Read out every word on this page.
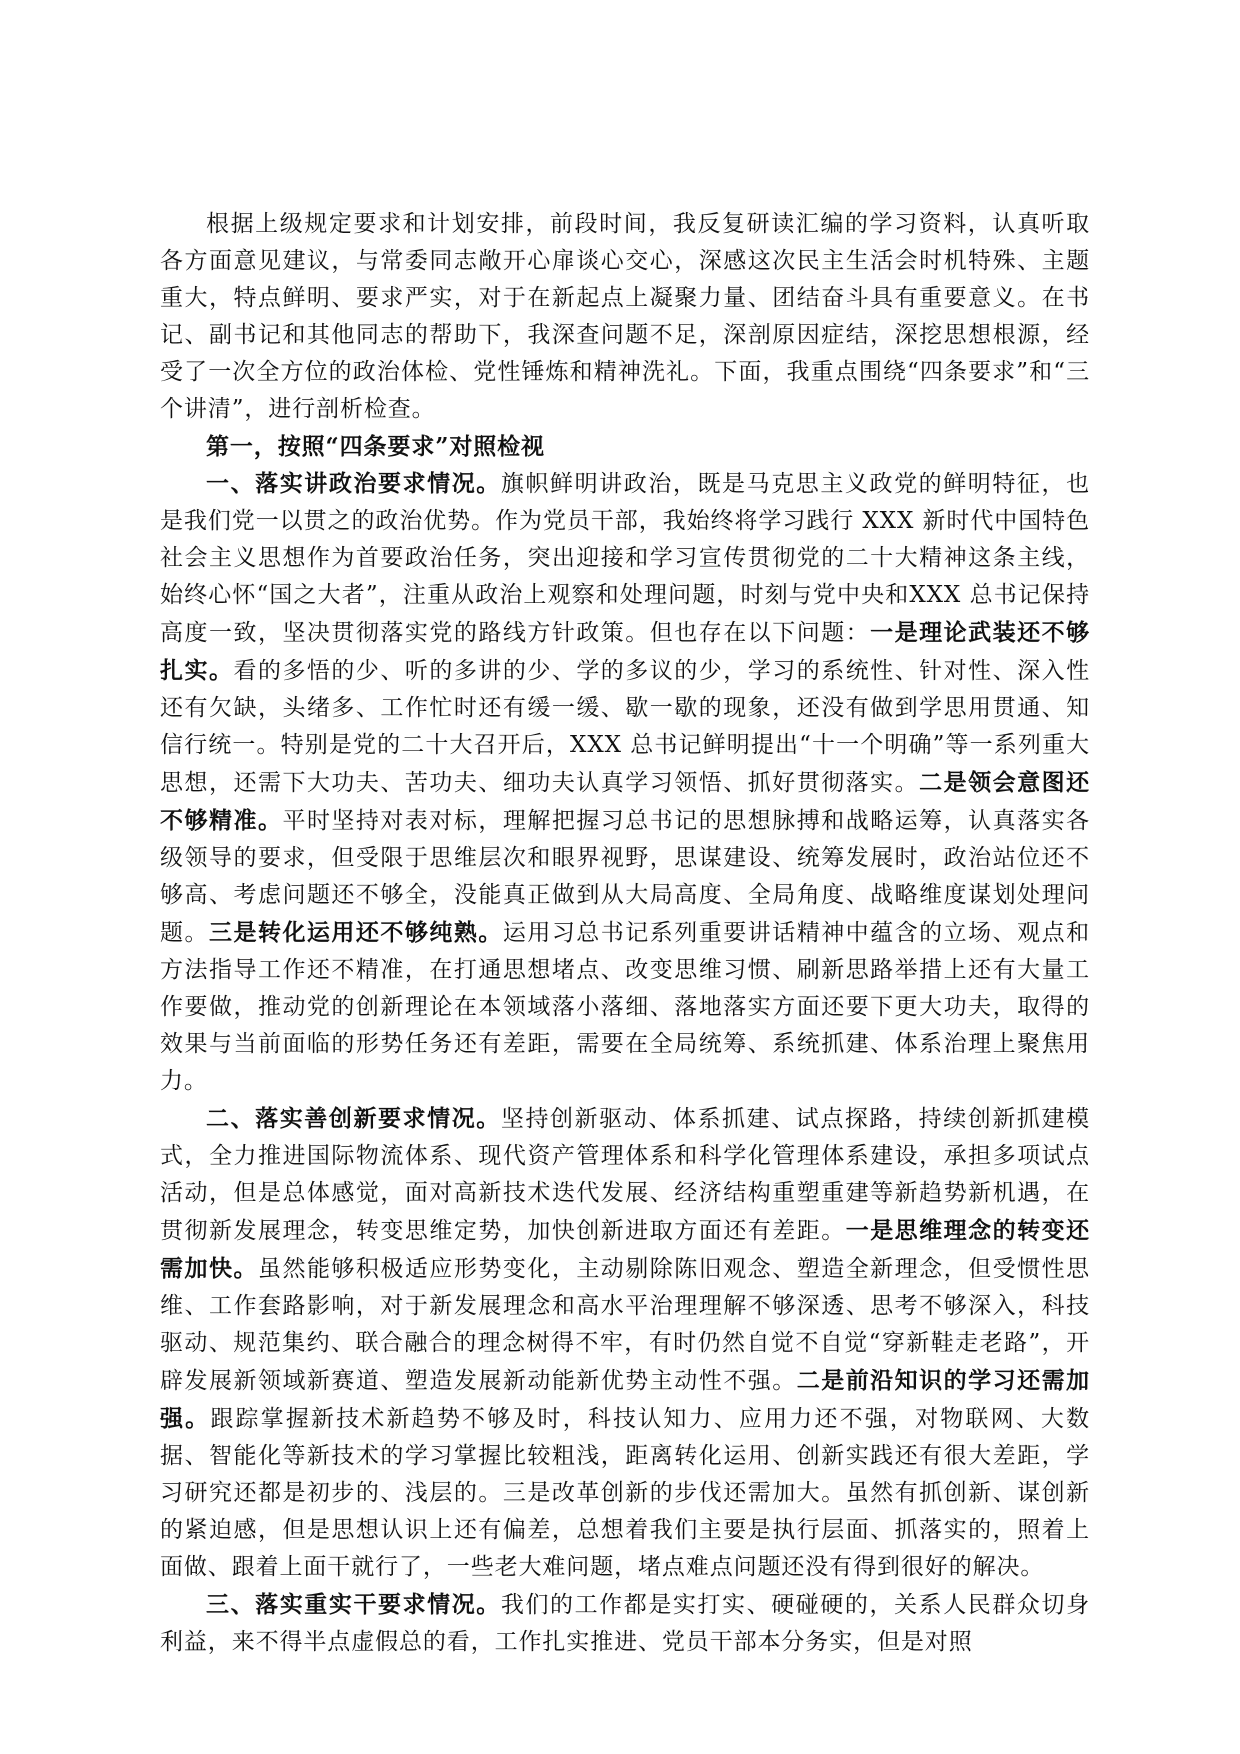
根据上级规定要求和计划安排，前段时间，我反复研读汇编的学习资料，认真听取各方面意见建议，与常委同志敞开心扉谈心交心，深感这次民主生活会时机特殊、主题重大，特点鲜明、要求严实，对于在新起点上凝聚力量、团结奋斗具有重要意义。在书记、副书记和其他同志的帮助下，我深查问题不足，深剖原因症结，深挖思想根源，经受了一次全方位的政治体检、党性锤炼和精神洗礼。下面，我重点围绕“四条要求”和“三个讲清”，进行剖析检查。

第一，按照“四条要求”对照检视

一、落实讲政治要求情况。旗帜鲜明讲政治，既是马克思主义政党的鲜明特征，也是我们党一以贯之的政治优势。作为党员干部，我始终将学习践行 XXX 新时代中国特色社会主义思想作为首要政治任务，突出迎接和学习宣传贯彻党的二十大精神这条主线，始终心怀“国之大者”，注重从政治上观察和处理问题，时刻与党中央和XXX 总书记保持高度一致，坚决贯彻落实党的路线方针政策。但也存在以下问题：一是理论武装还不够扎实。看的多悟的少、听的多讲的少、学的多议的少，学习的系统性、针对性、深入性还有欠缺，头绪多、工作忙时还有缓一缓、歇一歇的现象，还没有做到学思用贯通、知信行统一。特别是党的二十大召开后，XXX 总书记鲜明提出“十一个明确”等一系列重大思想，还需下大功夫、苦功夫、细功夫认真学习领悟、抓好贯彻落实。二是领会意图还不够精准。平时坚持对表对标，理解把握习总书记的思想脉搏和战略运筹，认真落实各级领导的要求，但受限于思维层次和眼界视野，思谋建设、统筹发展时，政治站位还不够高、考虑问题还不够全，没能真正做到从大局高度、全局角度、战略维度谋划处理问题。三是转化运用还不够纯熟。运用习总书记系列重要讲话精神中蕴含的立场、观点和方法指导工作还不精准，在打通思想堵点、改变思维习惯、刷新思路举措上还有大量工作要做，推动党的创新理论在本领域落小落细、落地落实方面还要下更大功夫，取得的效果与当前面临的形势任务还有差距，需要在全局统筹、系统抓建、体系治理上聚焦用力。

二、落实善创新要求情况。坚持创新驱动、体系抓建、试点探路，持续创新抓建模式，全力推进国际物流体系、现代资产管理体系和科学化管理体系建设，承担多项试点活动，但是总体感觉，面对高新技术迭代发展、经济结构重塑重建等新趋势新机遇，在贯彻新发展理念，转变思维定势，加快创新进取方面还有差距。一是思维理念的转变还需加快。虽然能够积极适应形势变化，主动剔除陈旧观念、塑造全新理念，但受惯性思维、工作套路影响，对于新发展理念和高水平治理理解不够深透、思考不够深入，科技驱动、规范集约、联合融合的理念树得不牢，有时仍然自觉不自觉“穿新鞋走老路”，开辟发展新领域新赛道、塑造发展新动能新优势主动性不强。二是前沿知识的学习还需加强。跟踪掌握新技术新趋势不够及时，科技认知力、应用力还不强，对物联网、大数据、智能化等新技术的学习掌握比较粗浅，距离转化运用、创新实践还有很大差距，学习研究还都是初步的、浅层的。三是改革创新的步伐还需加大。虽然有抓创新、谋创新的紧迫感，但是思想认识上还有偏差，总想着我们主要是执行层面、抓落实的，照着上面做、跟着上面干就行了，一些老大难问题，堵点难点问题还没有得到很好的解决。

三、落实重实干要求情况。我们的工作都是实打实、硬碰硬的，关系人民群众切身利益，来不得半点虚假总的看，工作扎实推进、党员干部本分务实，但是对照
